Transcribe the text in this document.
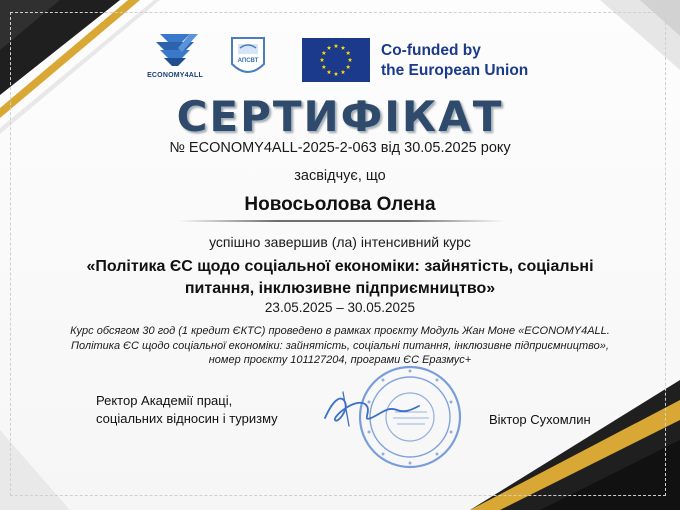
ECONOMY4ALL
АПСВТ
Co-funded by
the European Union
СЕРТИФІКАТ
№ ECONOMY4ALL-2025-2-063 від 30.05.2025 року
засвідчує, що
Новосьолова Олена
успішно завершив (ла) інтенсивний курс
«Політика ЄС щодо соціальної економіки: зайнятість, соціальні
питання, інклюзивне підприємництво»
23.05.2025 – 30.05.2025
Курс обсягом 30 год (1 кредит ЄКТС) проведено в рамках проєкту Модуль Жан Моне «ECONOMY4ALL.
Політика ЄС щодо соціальної економіки: зайнятість, соціальні питання, інклюзивне підприємництво»,
номер проєкту 101127204, програми ЄС Еразмус+
Ректор Академії праці,
соціальних відносин і туризму	Віктор Сухомлин
